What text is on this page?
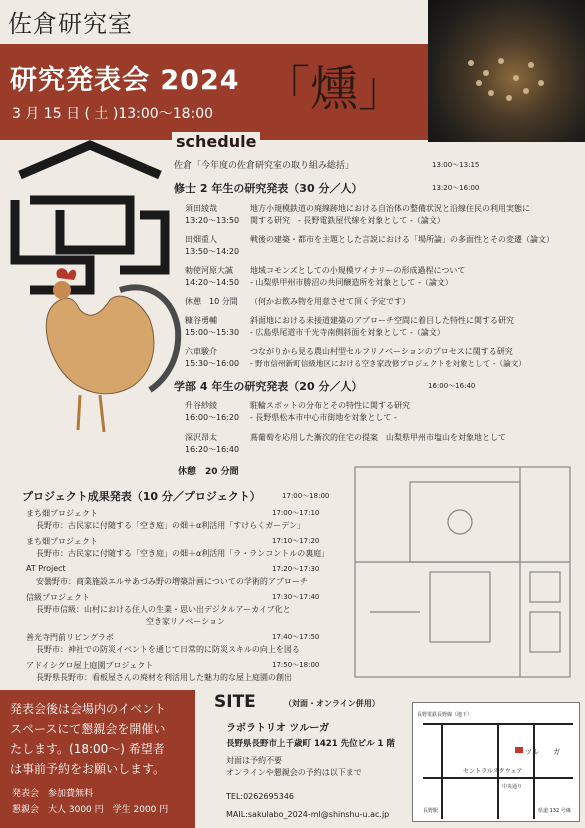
佐倉研究室
研究発表会 2024 「燻」
3 月 15 日 ( 土 )13:00～18:00
schedule
佐倉「今年度の佐倉研究室の取り組み総括」	13:00～13:15
修士 2 年生の研究発表（30 分／人）	13:20～16:00
須田綾哉
13:20～13:50
地方小規模鉄道の廃線跡地における自治体の整備状況と沿線住民の利用実態に
関する研究　- 長野電鉄屋代線を対象として -（論文）
田畑重人
13:50～14:20
戦後の建築・都市を主題とした言説における「場所論」の多面性とその変遷（論文）
勅使河原大誠
14:20～14:50
地域コモンズとしての小規模ワイナリーの形成過程について
- 山梨県甲州市勝沼の共同醸造所を対象として -（論文）
休憩　10 分間 （何かお飲み物を用意させて頂く予定です）
糠谷勇輔
15:00～15:30
斜面地における未接道建築のアプローチ空間に着目した特性に関する研究
- 広島県尾道市千光寺南側斜面を対象として -（論文）
六車駿介
15:30～16:00
つながりから見る農山村型セルフリノベーションのプロセスに関する研究
- 野市信州新町信級地区における空き家改修プロジェクトを対象として -（論文）
学部 4 年生の研究発表（20 分／人）	16:00～16:40
升谷紗綾
16:00～16:20
駐輪スポットの分布とその特性に関する研究
- 長野県松本市中心市街地を対象として -
深沢昂太
16:20～16:40
蔦葡萄を応用した漸次的住宅の提案　山梨県甲州市塩山を対象地として
休憩　20 分間
プロジェクト成果発表（10 分／プロジェクト）	17:00～18:00
まち畑プロジェクト	17:00～17:10
長野市：古民家に付随する「空き庭」の畑＋α利活用「すけらくガーデン」
まち畑プロジェクト	17:10～17:20
長野市：古民家に付随する「空き庭」の畑＋α利活用「ラ・ランコントルの裏庭」
AT Project	17:20～17:30
安曇野市：商業施設エルサあづみ野の増築計画についての学術的アプローチ
信級プロジェクト	17:30～17:40
長野市信級：山村における住人の生業・思い出デジタルアーカイブ化と
空き家リノベーション
善光寺門前リビングラボ	17:40～17:50
長野市：神社での防災イベントを通じて日常的に防災スキルの向上を図る
アドイシグロ屋上庭園プロジェクト	17:50～18:00
長野県長野市：看板屋さんの廃材を利活用した魅力的な屋上庭園の創出
発表会後は会場内のイベント
スペースにて懇親会を開催い
たします。(18:00～) 希望者
は事前予約をお願いします。
発表会　参加費無料
懇親会　大人 3000 円　学生 2000 円
SITE	（対面・オンライン併用）
ラボラトリオ ツルーガ
長野県長野市上千歳町 1421 先位ビル 1 階
対面は予約不要
オンラインや懇親会の予約は以下まで
TEL:0262695346
MAIL:sakulabo_2024-ml@shinshu-u.ac.jp
長野電鉄長野線（地下）
ツル ガ
セントラルスクウェア
中央通り
長野駅	県道 132 号線
